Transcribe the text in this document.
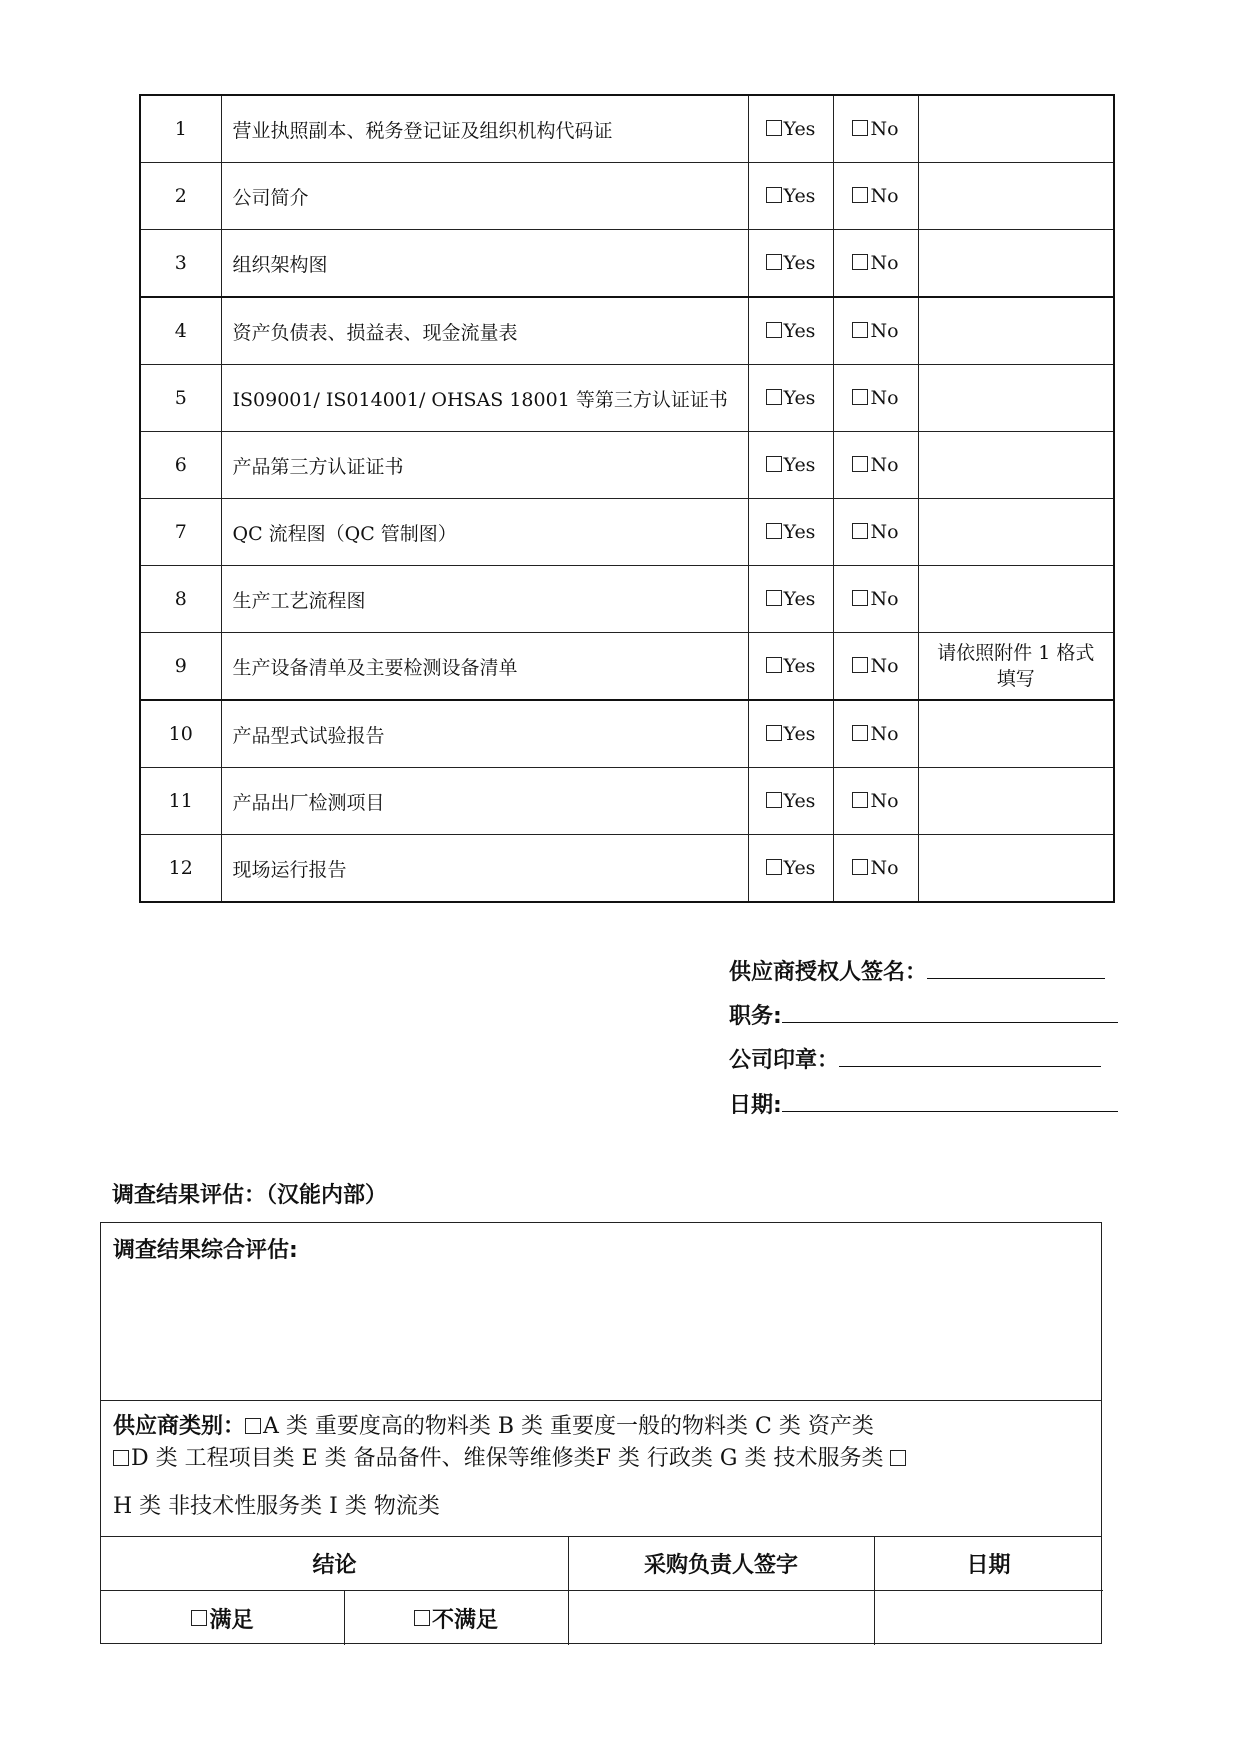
1	营业执照副本、税务登记证及组织机构代码证	Yes	No	
2	公司简介	Yes	No	
3	组织架构图	Yes	No	
4	资产负债表、损益表、现金流量表	Yes	No	
5	IS09001/ IS014001/ OHSAS 18001 等第三方认证证书	Yes	No	
6	产品第三方认证证书	Yes	No	
7	QC 流程图（QC 管制图）	Yes	No	
8	生产工艺流程图	Yes	No	
9	生产设备清单及主要检测设备清单	Yes	No	请依照附件 1 格式填写
10	产品型式试验报告	Yes	No	
11	产品出厂检测项目	Yes	No	
12	现场运行报告	Yes	No	
供应商授权人签名：
职务:
公司印章：
日期:
调查结果评估：（汉能内部）
调查结果综合评估:
供应商类别： A 类 重要度高的物料类 B 类 重要度一般的物料类 C 类 资产类
D 类 工程项目类 E 类 备品备件、维保等维修类F 类 行政类 G 类 技术服务类
H 类 非技术性服务类 I 类 物流类
结论	采购负责人签字	日期
满足	不满足
